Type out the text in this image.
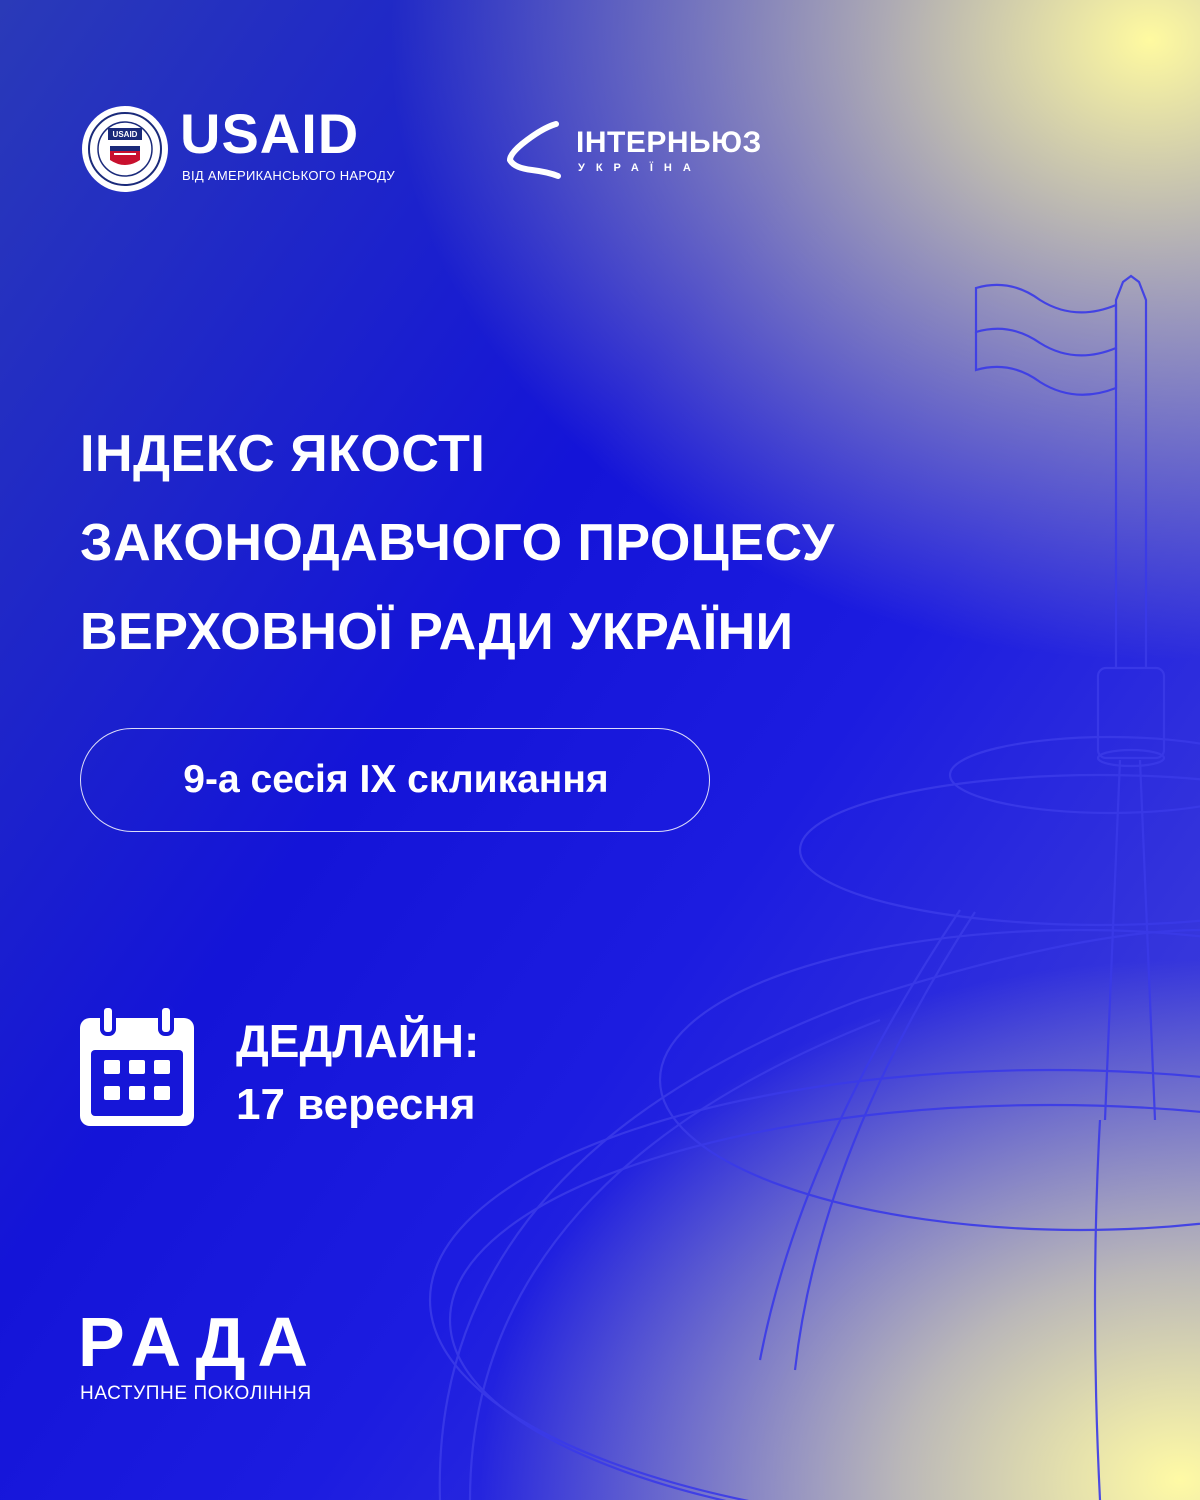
USAID USAID
ВІД АМЕРИКАНСЬКОГО НАРОДУ
ІНТЕРНЬЮЗ
УКРАЇНА
ІНДЕКС ЯКОСТІ
ЗАКОНОДАВЧОГО ПРОЦЕСУ
ВЕРХОВНОЇ РАДИ УКРАЇНИ
9-а сесія IX скликання
ДЕДЛАЙН:
17 вересня
РАДА
НАСТУПНЕ ПОКОЛІННЯ
